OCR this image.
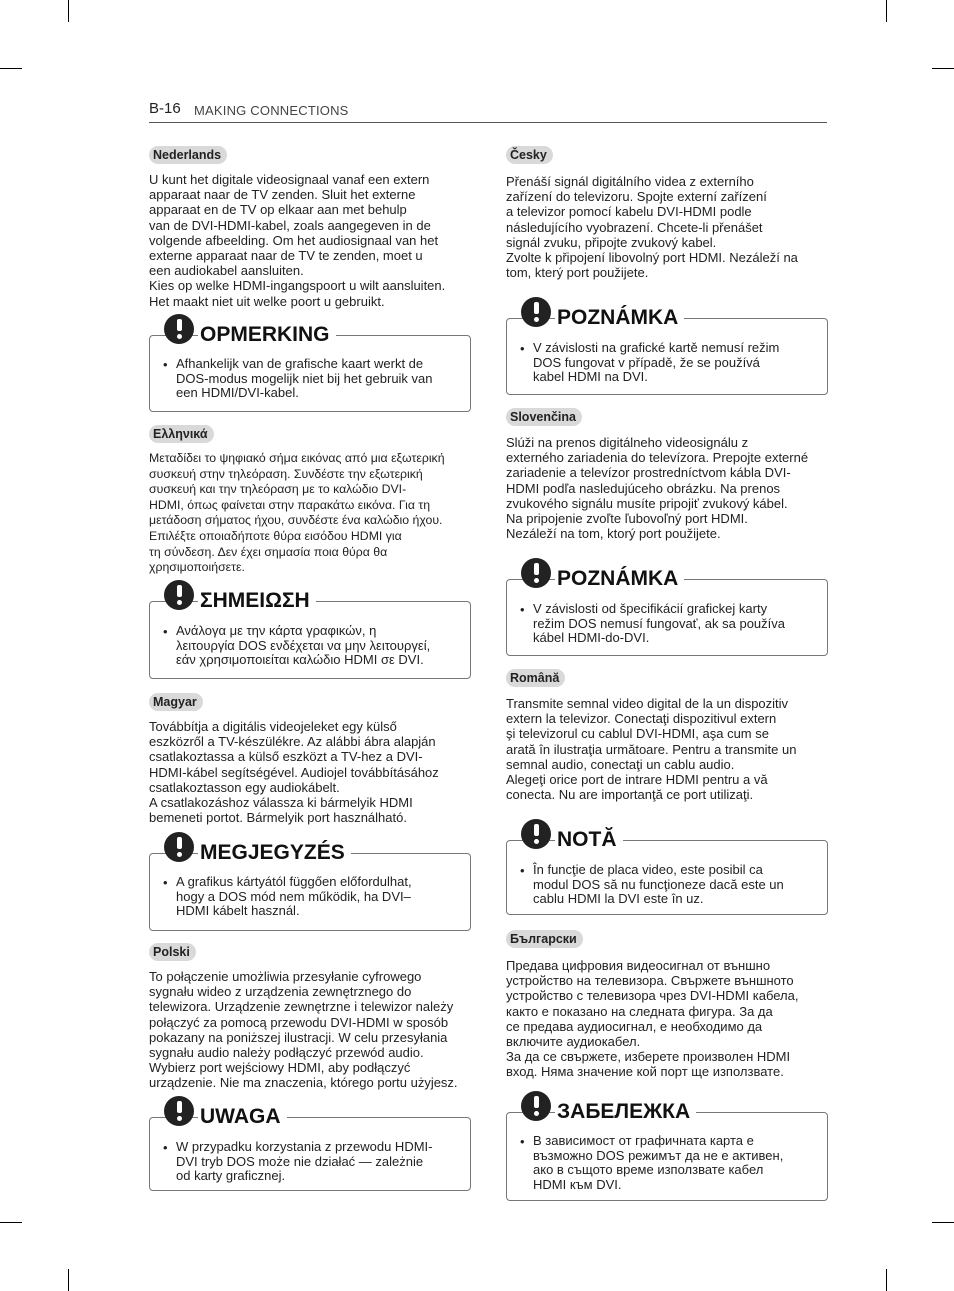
B-16 MAKING CONNECTIONS
Nederlands
U kunt het digitale videosignaal vanaf een extern
apparaat naar de TV zenden. Sluit het externe
apparaat en de TV op elkaar aan met behulp
van de DVI-HDMI-kabel, zoals aangegeven in de
volgende afbeelding. Om het audiosignaal van het
externe apparaat naar de TV te zenden, moet u
een audiokabel aansluiten.
Kies op welke HDMI-ingangspoort u wilt aansluiten.
Het maakt niet uit welke poort u gebruikt.
OPMERKING
• Afhankelijk van de grafische kaart werkt de
DOS-modus mogelijk niet bij het gebruik van
een HDMI/DVI-kabel.
Ελληνικά
Μεταδίδει το ψηφιακό σήμα εικόνας από μια εξωτερική
συσκευή στην τηλεόραση. Συνδέστε την εξωτερική
συσκευή και την τηλεόραση με το καλώδιο DVI-
HDMI, όπως φαίνεται στην παρακάτω εικόνα. Για τη
μετάδοση σήματος ήχου, συνδέστε ένα καλώδιο ήχου.
Επιλέξτε οποιαδήποτε θύρα εισόδου HDMI για
τη σύνδεση. Δεν έχει σημασία ποια θύρα θα
χρησιμοποιήσετε.
ΣΗΜΕΙΩΣΗ
• Ανάλογα με την κάρτα γραφικών, η
λειτουργία DOS ενδέχεται να μην λειτουργεί,
εάν χρησιμοποιείται καλώδιο HDMI σε DVI.
Magyar
Továbbítja a digitális videojeleket egy külső
eszközről a TV-készülékre. Az alábbi ábra alapján
csatlakoztassa a külső eszközt a TV-hez a DVI-
HDMI-kábel segítségével. Audiojel továbbításához
csatlakoztasson egy audiokábelt.
A csatlakozáshoz válassza ki bármelyik HDMI
bemeneti portot. Bármelyik port használható.
MEGJEGYZÉS
• A grafikus kártyától függően előfordulhat,
hogy a DOS mód nem működik, ha DVI–
HDMI kábelt használ.
Polski
To połączenie umożliwia przesyłanie cyfrowego
sygnału wideo z urządzenia zewnętrznego do
telewizora. Urządzenie zewnętrzne i telewizor należy
połączyć za pomocą przewodu DVI-HDMI w sposób
pokazany na poniższej ilustracji. W celu przesyłania
sygnału audio należy podłączyć przewód audio.
Wybierz port wejściowy HDMI, aby podłączyć
urządzenie. Nie ma znaczenia, którego portu użyjesz.
UWAGA
• W przypadku korzystania z przewodu HDMI-
DVI tryb DOS może nie działać — zależnie
od karty graficznej.
Česky
Přenáší signál digitálního videa z externího
zařízení do televizoru. Spojte externí zařízení
a televizor pomocí kabelu DVI-HDMI podle
následujícího vyobrazení. Chcete-li přenášet
signál zvuku, připojte zvukový kabel.
Zvolte k připojení libovolný port HDMI. Nezáleží na
tom, který port použijete.
POZNÁMKA
• V závislosti na grafické kartě nemusí režim
DOS fungovat v případě, že se používá
kabel HDMI na DVI.
Slovenčina
Slúži na prenos digitálneho videosignálu z
externého zariadenia do televízora. Prepojte externé
zariadenie a televízor prostredníctvom kábla DVI-
HDMI podľa nasledujúceho obrázku. Na prenos
zvukového signálu musíte pripojiť zvukový kábel.
Na pripojenie zvoľte ľubovoľný port HDMI.
Nezáleží na tom, ktorý port použijete.
POZNÁMKA
• V závislosti od špecifikácií grafickej karty
režim DOS nemusí fungovať, ak sa používa
kábel HDMI-do-DVI.
Română
Transmite semnal video digital de la un dispozitiv
extern la televizor. Conectaţi dispozitivul extern
şi televizorul cu cablul DVI-HDMI, aşa cum se
arată în ilustraţia următoare. Pentru a transmite un
semnal audio, conectaţi un cablu audio.
Alegeţi orice port de intrare HDMI pentru a vă
conecta. Nu are importanţă ce port utilizaţi.
NOTĂ
• În funcţie de placa video, este posibil ca
modul DOS să nu funcţioneze dacă este un
cablu HDMI la DVI este în uz.
Български
Предава цифровия видеосигнал от външно
устройство на телевизора. Свържете външното
устройство с телевизора чрез DVI-HDMI кабела,
както е показано на следната фигура. За да
се предава аудиосигнал, е необходимо да
включите аудиокабел.
За да се свържете, изберете произволен HDMI
вход. Няма значение кой порт ще използвате.
ЗАБЕЛЕЖКА
• В зависимост от графичната карта е
възможно DOS режимът да не е активен,
ако в същото време използвате кабел
HDMI към DVI.
